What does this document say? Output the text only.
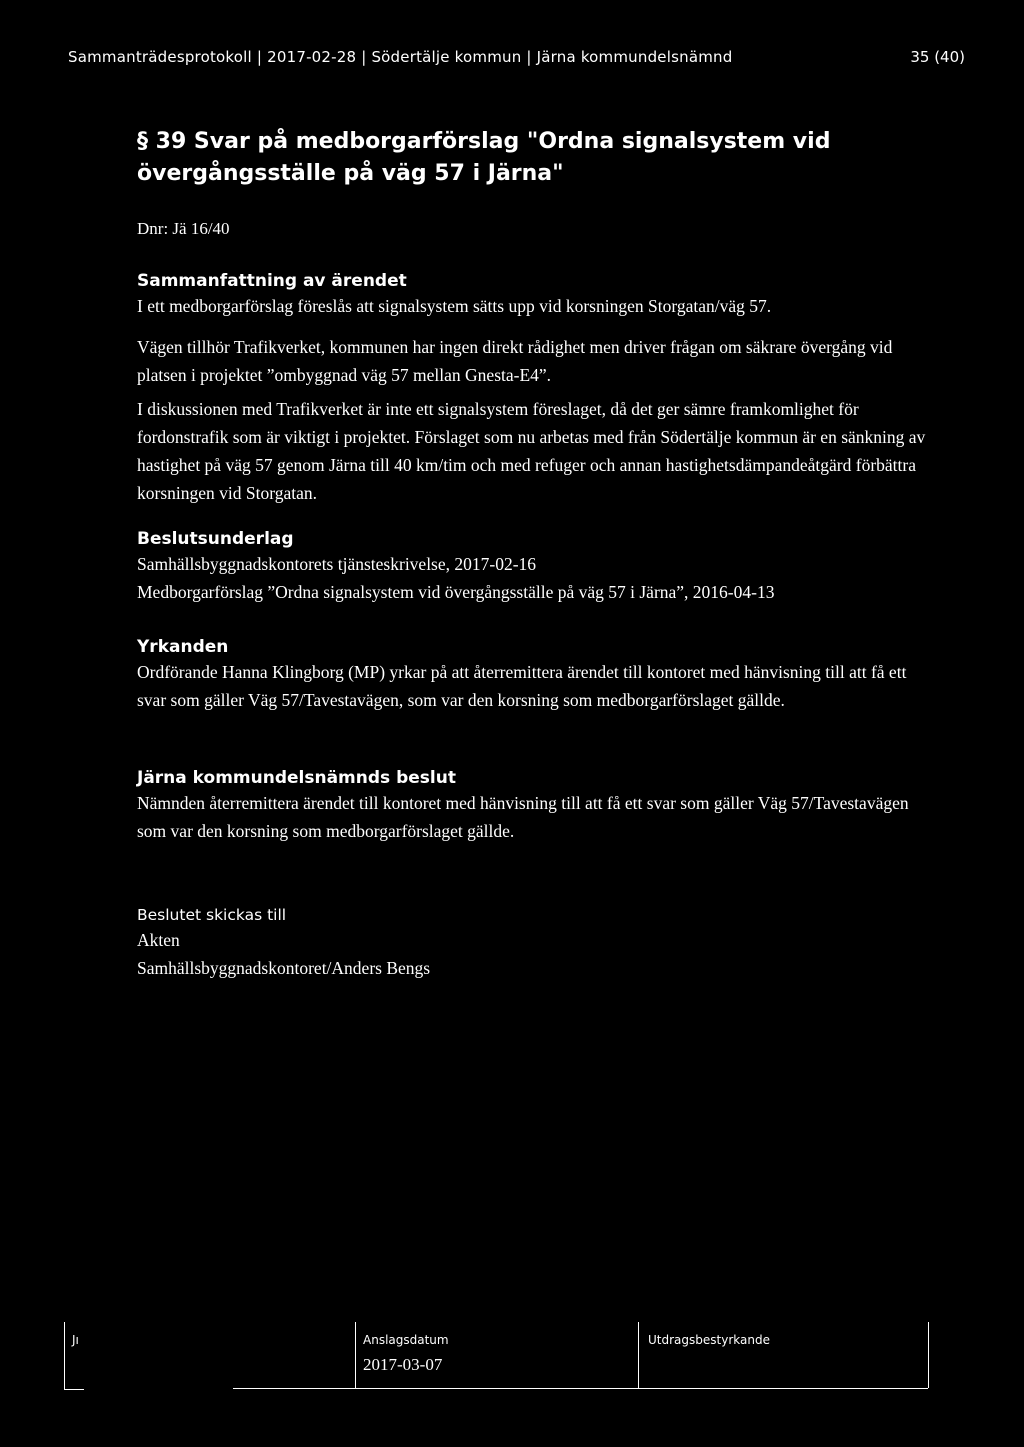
Sammanträdesprotokoll | 2017-02-28 | Södertälje kommun | Järna kommundelsnämnd	35 (40)
§ 39 Svar på medborgarförslag "Ordna signalsystem vid
övergångsställe på väg 57 i Järna"
Dnr: Jä 16/40

Sammanfattning av ärendet

I ett medborgarförslag föreslås att signalsystem sätts upp vid korsningen Storgatan/väg 57.

Vägen tillhör Trafikverket, kommunen har ingen direkt rådighet men driver frågan om säkrare övergång vid platsen i projektet ”ombyggnad väg 57 mellan Gnesta-E4”.

I diskussionen med Trafikverket är inte ett signalsystem föreslaget, då det ger sämre framkomlighet för fordonstrafik som är viktigt i projektet. Förslaget som nu arbetas med från Södertälje kommun är en sänkning av hastighet på väg 57 genom Järna till 40 km/tim och med refuger och annan hastighetsdämpandeåtgärd förbättra korsningen vid Storgatan.

Beslutsunderlag

Samhällsbyggnadskontorets tjänsteskrivelse, 2017-02-16

Medborgarförslag ”Ordna signalsystem vid övergångsställe på väg 57 i Järna”, 2016-04-13

Yrkanden

Ordförande Hanna Klingborg (MP) yrkar på att återremittera ärendet till kontoret med hänvisning till att få ett svar som gäller Väg 57/Tavestavägen, som var den korsning som medborgarförslaget gällde.

Järna kommundelsnämnds beslut

Nämnden återremittera ärendet till kontoret med hänvisning till att få ett svar som gäller Väg 57/Tavestavägen som var den korsning som medborgarförslaget gällde.

Beslutet skickas till

Akten

Samhällsbyggnadskontoret/Anders Bengs

Jı	Anslagsdatum
2017-03-07
Utdragsbestyrkande
